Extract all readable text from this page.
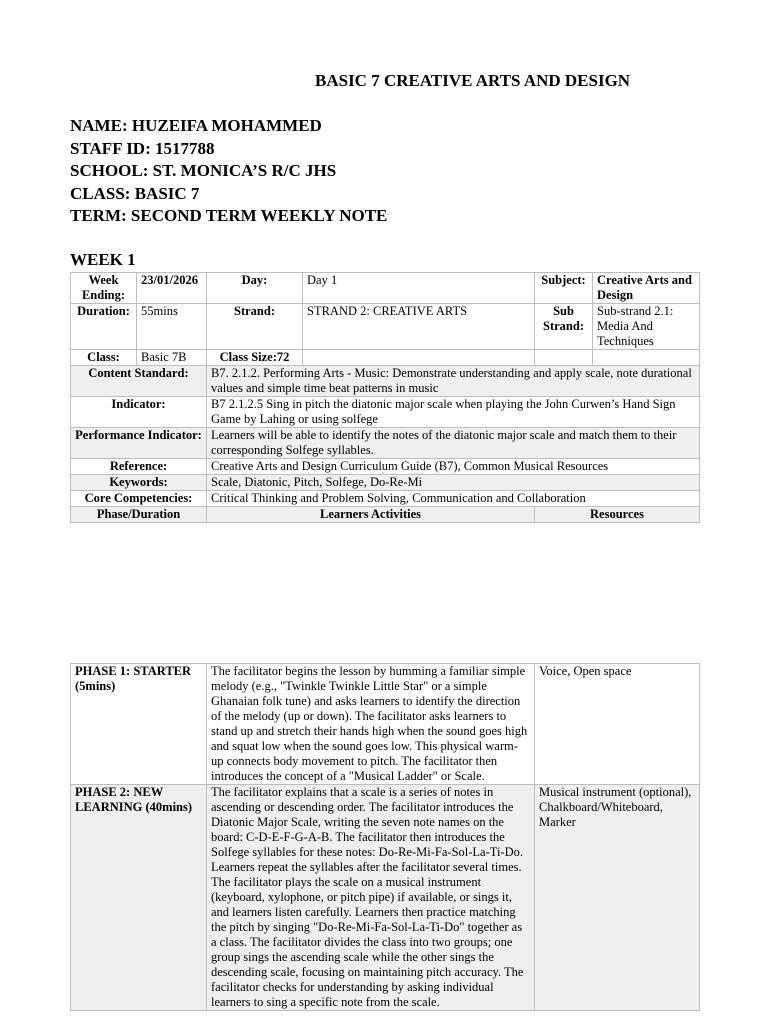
BASIC 7 CREATIVE ARTS AND DESIGN
NAME: HUZEIFA MOHAMMED
STAFF ID: 1517788
SCHOOL: ST. MONICA’S R/C JHS
CLASS: BASIC 7
TERM: SECOND TERM WEEKLY NOTE
WEEK 1
Week Ending:	23/01/2026	Day:	Day 1	Subject:	Creative Arts and Design
Duration:	55mins	Strand:	STRAND 2: CREATIVE ARTS	Sub Strand:	Sub-strand 2.1: Media And Techniques
Class:	Basic 7B	Class Size:72			
Content Standard:		B7. 2.1.2. Performing Arts - Music: Demonstrate understanding and apply scale, note durational values and simple time beat patterns in music			
Indicator:		B7 2.1.2.5 Sing in pitch the diatonic major scale when playing the John Curwen’s Hand Sign Game by Lahing or using solfege			
Performance Indicator:		Learners will be able to identify the notes of the diatonic major scale and match them to their corresponding Solfege syllables.			
Reference:		Creative Arts and Design Curriculum Guide (B7), Common Musical Resources			
Keywords:		Scale, Diatonic, Pitch, Solfege, Do-Re-Mi			
Core Competencies:		Critical Thinking and Problem Solving, Communication and Collaboration			
Phase/Duration		Learners Activities		Resources	
PHASE 1: STARTER (5mins)	The facilitator begins the lesson by humming a familiar simple melody (e.g., "Twinkle Twinkle Little Star" or a simple Ghanaian folk tune) and asks learners to identify the direction of the melody (up or down). The facilitator asks learners to stand up and stretch their hands high when the sound goes high and squat low when the sound goes low. This physical warm-up connects body movement to pitch. The facilitator then introduces the concept of a "Musical Ladder" or Scale.	Voice, Open space
PHASE 2: NEW LEARNING (40mins)	The facilitator explains that a scale is a series of notes in ascending or descending order. The facilitator introduces the Diatonic Major Scale, writing the seven note names on the board: C-D-E-F-G-A-B. The facilitator then introduces the Solfege syllables for these notes: Do-Re-Mi-Fa-Sol-La-Ti-Do. Learners repeat the syllables after the facilitator several times. The facilitator plays the scale on a musical instrument (keyboard, xylophone, or pitch pipe) if available, or sings it, and learners listen carefully. Learners then practice matching the pitch by singing "Do-Re-Mi-Fa-Sol-La-Ti-Do" together as a class. The facilitator divides the class into two groups; one group sings the ascending scale while the other sings the descending scale, focusing on maintaining pitch accuracy. The facilitator checks for understanding by asking individual learners to sing a specific note from the scale.	Musical instrument (optional), Chalkboard/Whiteboard, Marker
